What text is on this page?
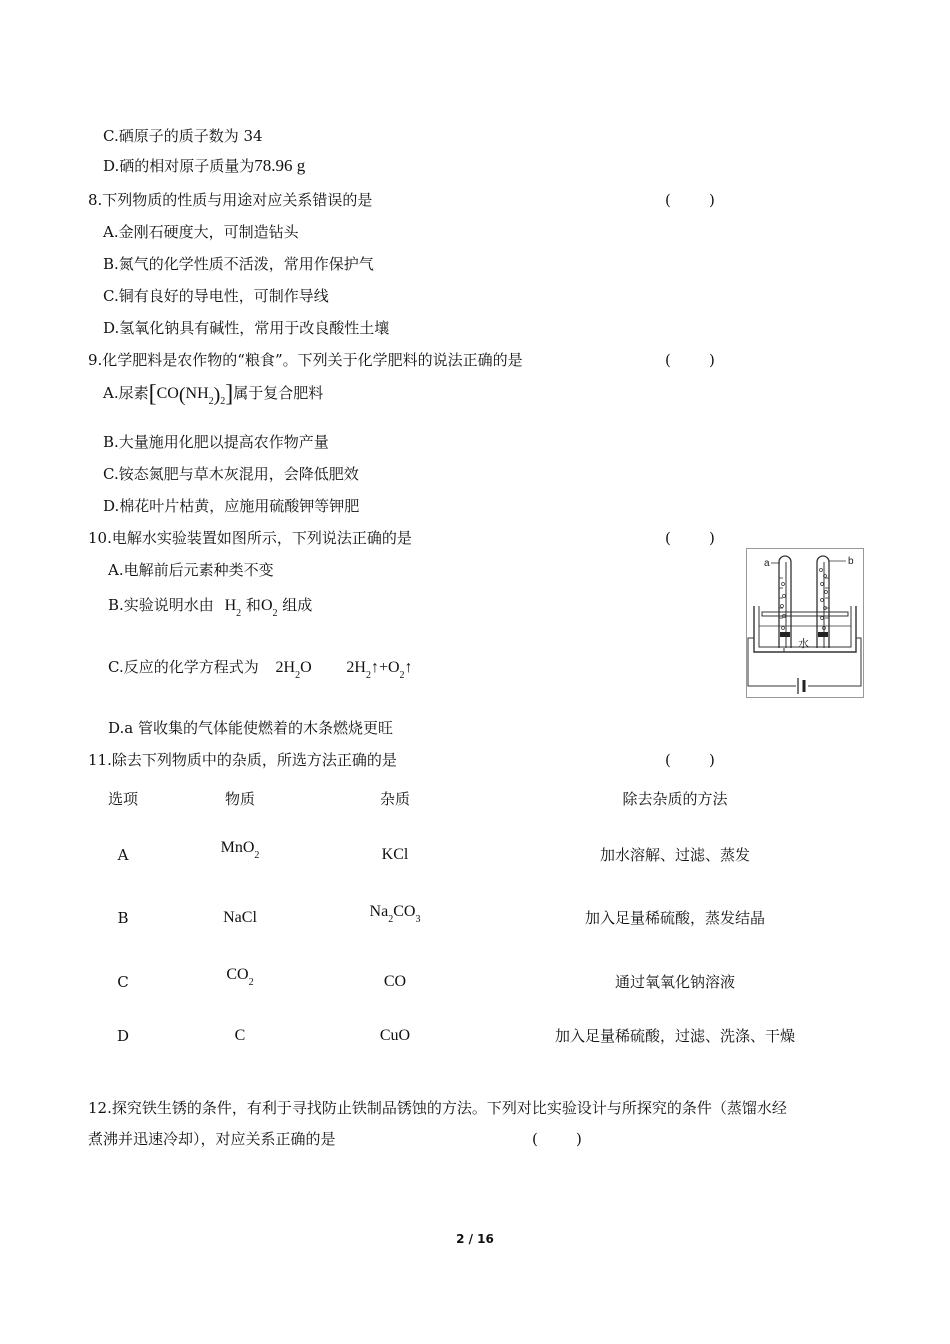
C.硒原子的质子数为 34
D.硒的相对原子质量为78.96 g
8.下列物质的性质与用途对应关系错误的是	(        )
A.金刚石硬度大，可制造钻头
B.氮气的化学性质不活泼，常用作保护气
C.铜有良好的导电性，可制作导线
D.氢氧化钠具有碱性，常用于改良酸性土壤
9.化学肥料是农作物的“粮食”。下列关于化学肥料的说法正确的是	(        )
A.尿素$[CO(NH_2)_2]$属于复合肥料
B.大量施用化肥以提高农作物产量
C.铵态氮肥与草木灰混用，会降低肥效
D.棉花叶片枯黄，应施用硫酸钾等钾肥
10.电解水实验装置如图所示，下列说法正确的是	(        )
A.电解前后元素种类不变
B.实验说明水由 $H_2$ 和$O_2$ 组成
C.反应的化学方程式为 $2H_2O$ $2H_2↑+O_2↑$
D.a 管收集的气体能使燃着的木条燃烧更旺
a	b
水
11.除去下列物质中的杂质，所选方法正确的是	(        )
选项	物质	杂质	除去杂质的方法
A	MnO$_2$	KCl	加水溶解、过滤、蒸发
B	NaCl	$Na_2CO_3$	加入足量稀硫酸，蒸发结晶
C	$CO_2$	CO	通过氧氧化钠溶液
D	C	CuO	加入足量稀硫酸，过滤、洗涤、干燥
12.探究铁生锈的条件，有利于寻找防止铁制品锈蚀的方法。下列对比实验设计与所探究的条件（蒸馏水经
煮沸并迅速冷却），对应关系正确的是	(        )
2 / 16
